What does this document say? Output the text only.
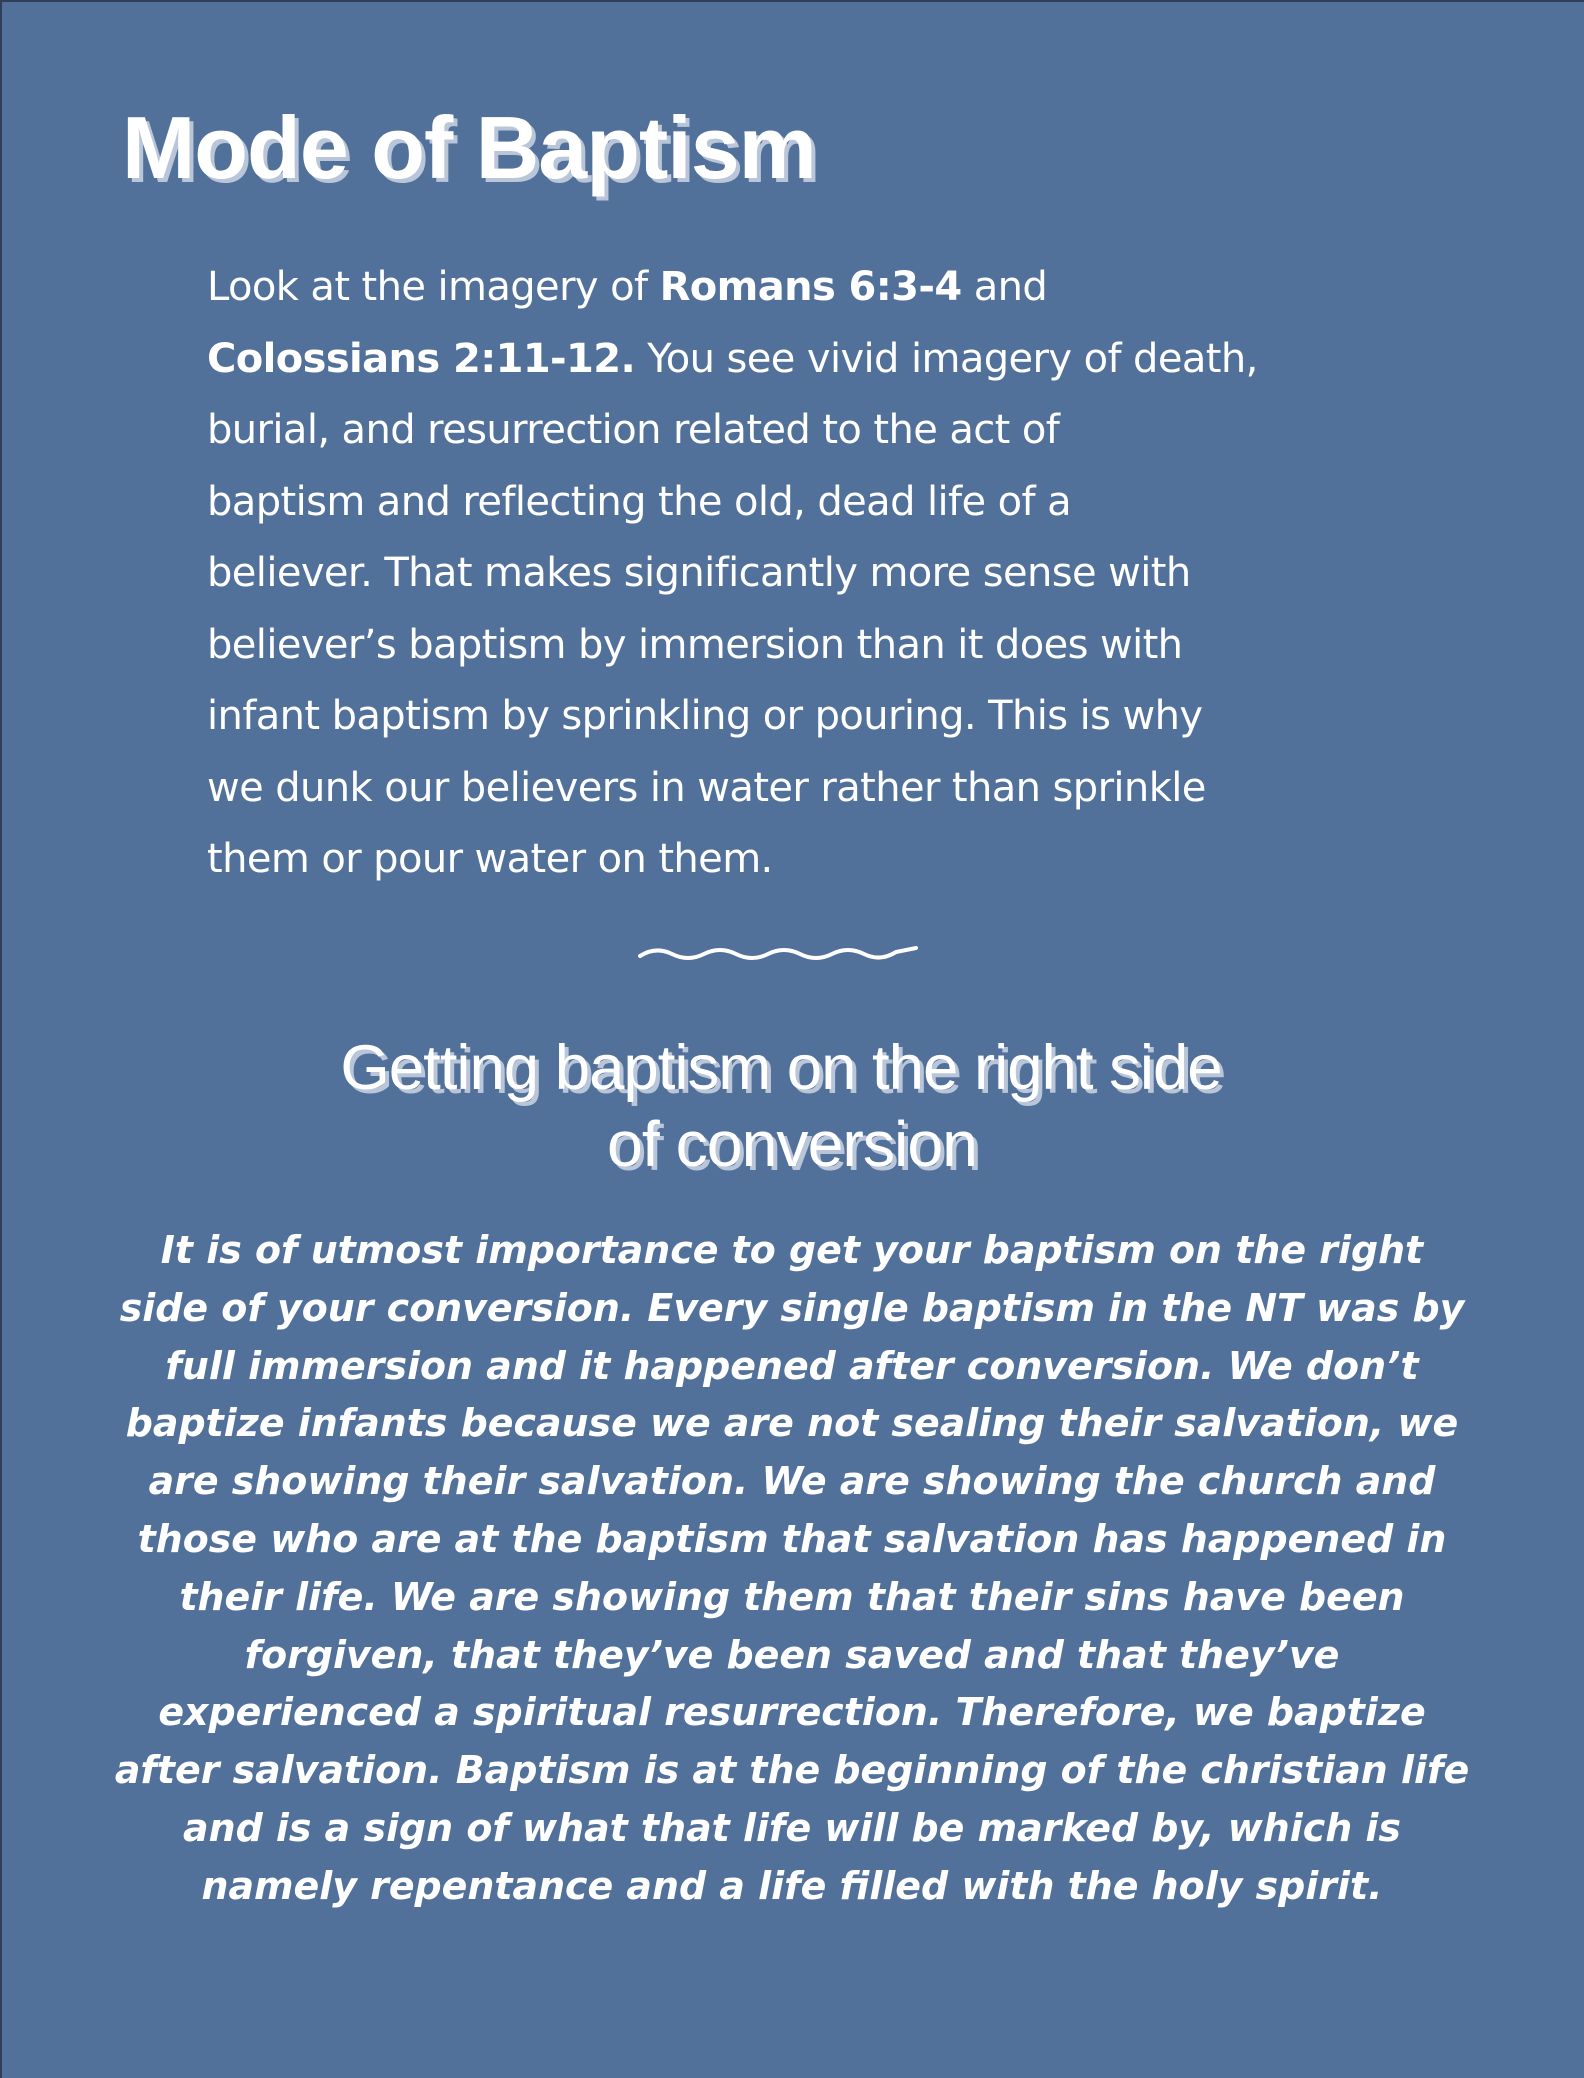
Mode of Baptism
Look at the imagery of Romans 6:3-4 and
Colossians 2:11-12. You see vivid imagery of death,
burial, and resurrection related to the act of
baptism and reflecting the old, dead life of a
believer. That makes significantly more sense with
believer’s baptism by immersion than it does with
infant baptism by sprinkling or pouring. This is why
we dunk our believers in water rather than sprinkle
them or pour water on them.
Getting baptism on the right side
of conversion
It is of utmost importance to get your baptism on the right
side of your conversion. Every single baptism in the NT was by
full immersion and it happened after conversion. We don’t
baptize infants because we are not sealing their salvation, we
are showing their salvation. We are showing the church and
those who are at the baptism that salvation has happened in
their life. We are showing them that their sins have been
forgiven, that they’ve been saved and that they’ve
experienced a spiritual resurrection. Therefore, we baptize
after salvation. Baptism is at the beginning of the christian life
and is a sign of what that life will be marked by, which is
namely repentance and a life filled with the holy spirit.
